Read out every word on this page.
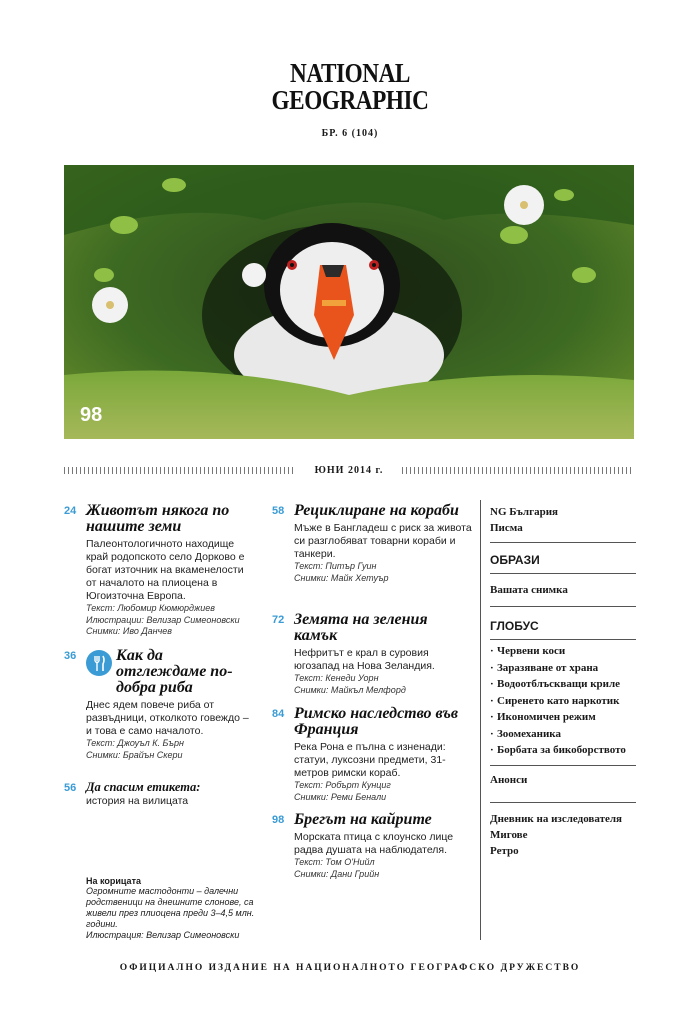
NATIONAL
GEOGRAPHIC
БР. 6 (104)
98
ЮНИ 2014 г.
24 Животът някога по нашите земи
Палеонтологичното находище край родопското село Дорково е богат източник на вкаменелости от началото на плиоцена в Югоизточна Европа.
Текст: Любомир Кюмюрджиев
Илюстрации: Велизар Симеоновски
Снимки: Иво Данчев
36 Как да отглеждаме по-добра риба
Днес ядем повече риба от развъдници, отколкото говеждо – и това е само началото.
Текст: Джоуъл К. Бърн
Снимки: Брайън Скери
56 Да спасим етикета:
история на вилицата
58 Рециклиране на кораби
Мъже в Бангладеш с риск за живота си разглобяват товарни кораби и танкери.
Текст: Питър Гуин
Снимки: Майк Хетуър
72 Земята на зеления камък
Нефритът е крал в суровия югозапад на Нова Зеландия.
Текст: Кенеди Уорн
Снимки: Майкъл Мелфорд
84 Римско наследство във Франция
Река Рона е пълна с изненади: статуи, луксозни предмети, 31-метров римски кораб.
Текст: Робърт Кунциг
Снимки: Реми Бенали
98 Брегът на кайрите
Морската птица с клоунско лице радва душата на наблюдателя.
Текст: Том О'Нийл
Снимки: Дани Грийн
NG България
Писма
ОБРАЗИ
Вашата снимка
ГЛОБУС
· Червени коси
· Заразяване от храна
· Водоотблъскващи криле
· Сиренето като наркотик
· Икономичен режим
· Зоомеханика
· Борбата за бикоборството
Анонси
Дневник на изследователя
Мигове
Ретро
На корицата
Огромните мастодонти – далечни родственици на днешните слонове, са живели през плиоцена преди 3–4,5 млн. години.
Илюстрация: Велизар Симеоновски
ОФИЦИАЛНО ИЗДАНИЕ НА НАЦИОНАЛНОТО ГЕОГРАФСКО ДРУЖЕСТВО
